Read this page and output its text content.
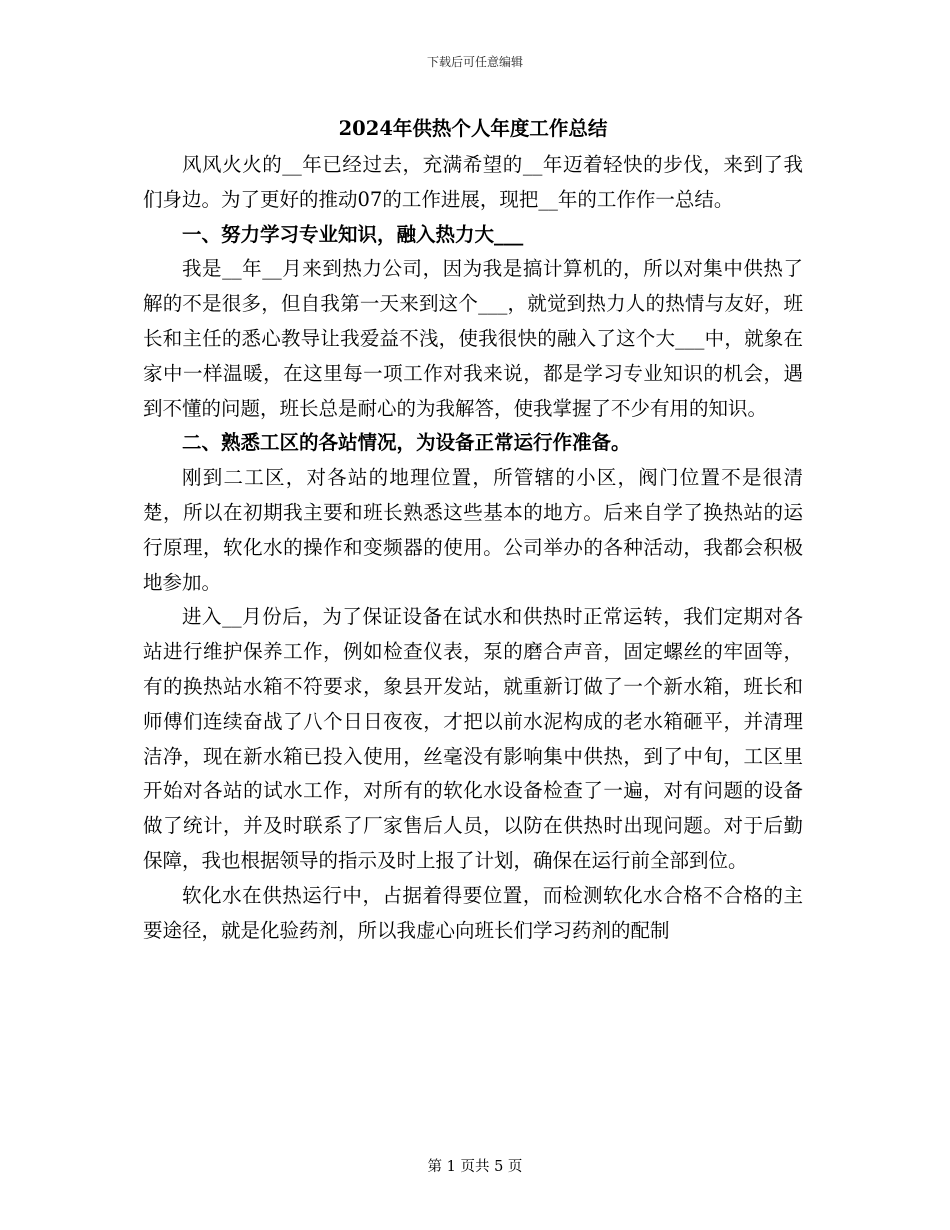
下载后可任意编辑
2024年供热个人年度工作总结

风风火火的__年已经过去，充满希望的__年迈着轻快的步伐，来到了我们身边。为了更好的推动07的工作进展，现把__年的工作作一总结。

一、努力学习专业知识，融入热力大___

我是__年__月来到热力公司，因为我是搞计算机的，所以对集中供热了解的不是很多，但自我第一天来到这个___，就觉到热力人的热情与友好，班长和主任的悉心教导让我爱益不浅，使我很快的融入了这个大___中，就象在家中一样温暖，在这里每一项工作对我来说，都是学习专业知识的机会，遇到不懂的问题，班长总是耐心的为我解答，使我掌握了不少有用的知识。

二、熟悉工区的各站情况，为设备正常运行作准备。

刚到二工区，对各站的地理位置，所管辖的小区，阀门位置不是很清楚，所以在初期我主要和班长熟悉这些基本的地方。后来自学了换热站的运行原理，软化水的操作和变频器的使用。公司举办的各种活动，我都会积极地参加。

进入__月份后，为了保证设备在试水和供热时正常运转，我们定期对各站进行维护保养工作，例如检查仪表，泵的磨合声音，固定螺丝的牢固等，有的换热站水箱不符要求，象县开发站，就重新订做了一个新水箱，班长和师傅们连续奋战了八个日日夜夜，才把以前水泥构成的老水箱砸平，并清理洁净，现在新水箱已投入使用，丝毫没有影响集中供热，到了中旬，工区里开始对各站的试水工作，对所有的软化水设备检查了一遍，对有问题的设备做了统计，并及时联系了厂家售后人员，以防在供热时出现问题。对于后勤保障，我也根据领导的指示及时上报了计划，确保在运行前全部到位。

软化水在供热运行中，占据着得要位置，而检测软化水合格不合格的主要途径，就是化验药剂，所以我虚心向班长们学习药剂的配制

第 1 页共 5 页
